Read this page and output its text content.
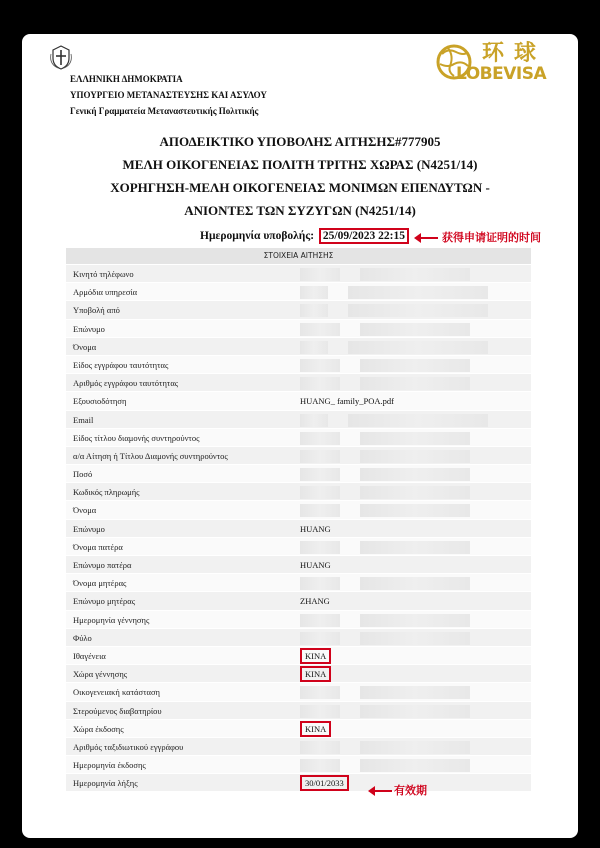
ΕΛΛΗΝΙΚΗ ΔΗΜΟΚΡΑΤΙΑ
ΥΠΟΥΡΓΕΙΟ ΜΕΤΑΝΑΣΤΕΥΣΗΣ ΚΑΙ ΑΣΥΛΟΥ
Γενική Γραμματεία Μεταναστευτικής Πολιτικής
环球
LOBEVISA
ΑΠΟΔΕΙΚΤΙΚΟ ΥΠΟΒΟΛΗΣ ΑΙΤΗΣΗΣ#777905
ΜΕΛΗ ΟΙΚΟΓΕΝΕΙΑΣ ΠΟΛΙΤΗ ΤΡΙΤΗΣ ΧΩΡΑΣ (Ν4251/14)
ΧΟΡΗΓΗΣΗ-ΜΕΛΗ ΟΙΚΟΓΕΝΕΙΑΣ ΜΟΝΙΜΩΝ ΕΠΕΝΔΥΤΩΝ -
ΑΝΙΟΝΤΕΣ ΤΩΝ ΣΥΖΥΓΩΝ (Ν4251/14)
Ημερομηνία υποβολής: 25/09/2023 22:15	获得申请证明的时间
ΣΤΟΙΧΕΙΑ ΑΙΤΗΣΗΣ
Κινητό τηλέφωνο
Αρμόδια υπηρεσία
Υποβολή από
Επώνυμο
Όνομα
Είδος εγγράφου ταυτότητας
Αριθμός εγγράφου ταυτότητας
Εξουσιοδότηση	HUANG_ family_POA.pdf
Email
Είδος τίτλου διαμονής συντηρούντος
α/α Αίτηση ή Τίτλου Διαμονής συντηρούντος
Ποσό
Κωδικός πληρωμής
Όνομα
Επώνυμο	HUANG
Όνομα πατέρα
Επώνυμο πατέρα	HUANG
Όνομα μητέρας
Επώνυμο μητέρας	ZHANG
Ημερομηνία γέννησης
Φύλο
Ιθαγένεια	KINA
Χώρα γέννησης	KINA
Οικογενειακή κατάσταση
Στερούμενος διαβατηρίου
Χώρα έκδοσης	KINA
Αριθμός ταξιδιωτικού εγγράφου
Ημερομηνία έκδοσης
Ημερομηνία λήξης	30/01/2033
有效期
